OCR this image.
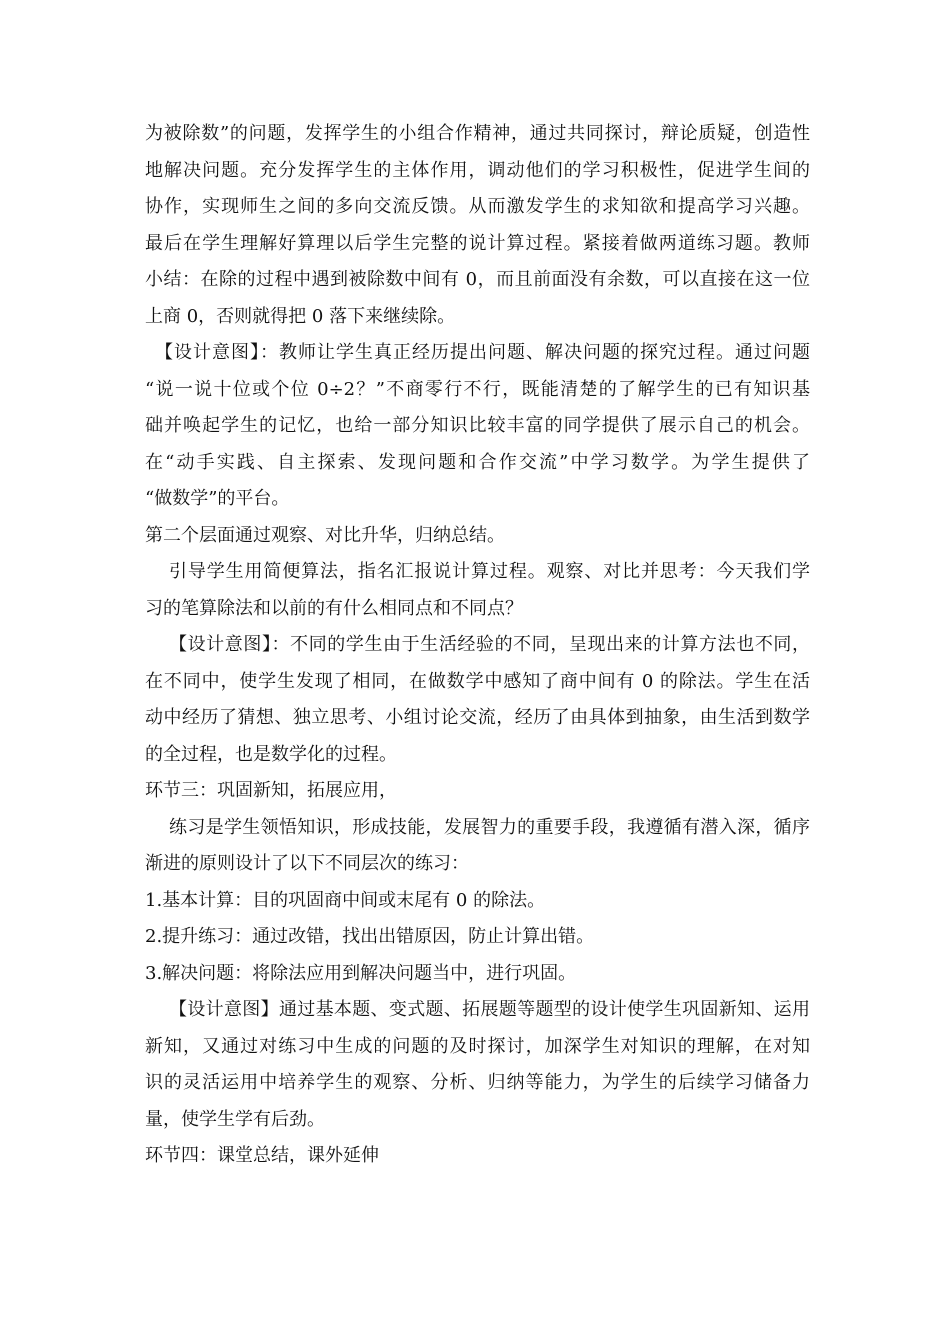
为被除数”的问题，发挥学生的小组合作精神，通过共同探讨，辩论质疑，创造性
地解决问题。充分发挥学生的主体作用，调动他们的学习积极性，促进学生间的
协作，实现师生之间的多向交流反馈。从而激发学生的求知欲和提高学习兴趣。
最后在学生理解好算理以后学生完整的说计算过程。紧接着做两道练习题。教师
小结：在除的过程中遇到被除数中间有 0，而且前面没有余数，可以直接在这一位
上商 0，否则就得把 0 落下来继续除。
【设计意图】：教师让学生真正经历提出问题、解决问题的探究过程。通过问题
“说一说十位或个位 0÷2？”不商零行不行，既能清楚的了解学生的已有知识基
础并唤起学生的记忆，也给一部分知识比较丰富的同学提供了展示自己的机会。
在“动手实践、自主探索、发现问题和合作交流”中学习数学。为学生提供了
“做数学”的平台。
第二个层面通过观察、对比升华，归纳总结。
引导学生用简便算法，指名汇报说计算过程。观察、对比并思考：今天我们学
习的笔算除法和以前的有什么相同点和不同点？
【设计意图】：不同的学生由于生活经验的不同，呈现出来的计算方法也不同，
在不同中，使学生发现了相同，在做数学中感知了商中间有 0 的除法。学生在活
动中经历了猜想、独立思考、小组讨论交流，经历了由具体到抽象，由生活到数学
的全过程，也是数学化的过程。
环节三：巩固新知，拓展应用，
练习是学生领悟知识，形成技能，发展智力的重要手段，我遵循有潜入深，循序
渐进的原则设计了以下不同层次的练习：
1.基本计算：目的巩固商中间或末尾有 0 的除法。
2.提升练习：通过改错，找出出错原因，防止计算出错。
3.解决问题：将除法应用到解决问题当中，进行巩固。
【设计意图】通过基本题、变式题、拓展题等题型的设计使学生巩固新知、运用
新知，又通过对练习中生成的问题的及时探讨，加深学生对知识的理解，在对知
识的灵活运用中培养学生的观察、分析、归纳等能力，为学生的后续学习储备力
量，使学生学有后劲。
环节四：课堂总结，课外延伸
